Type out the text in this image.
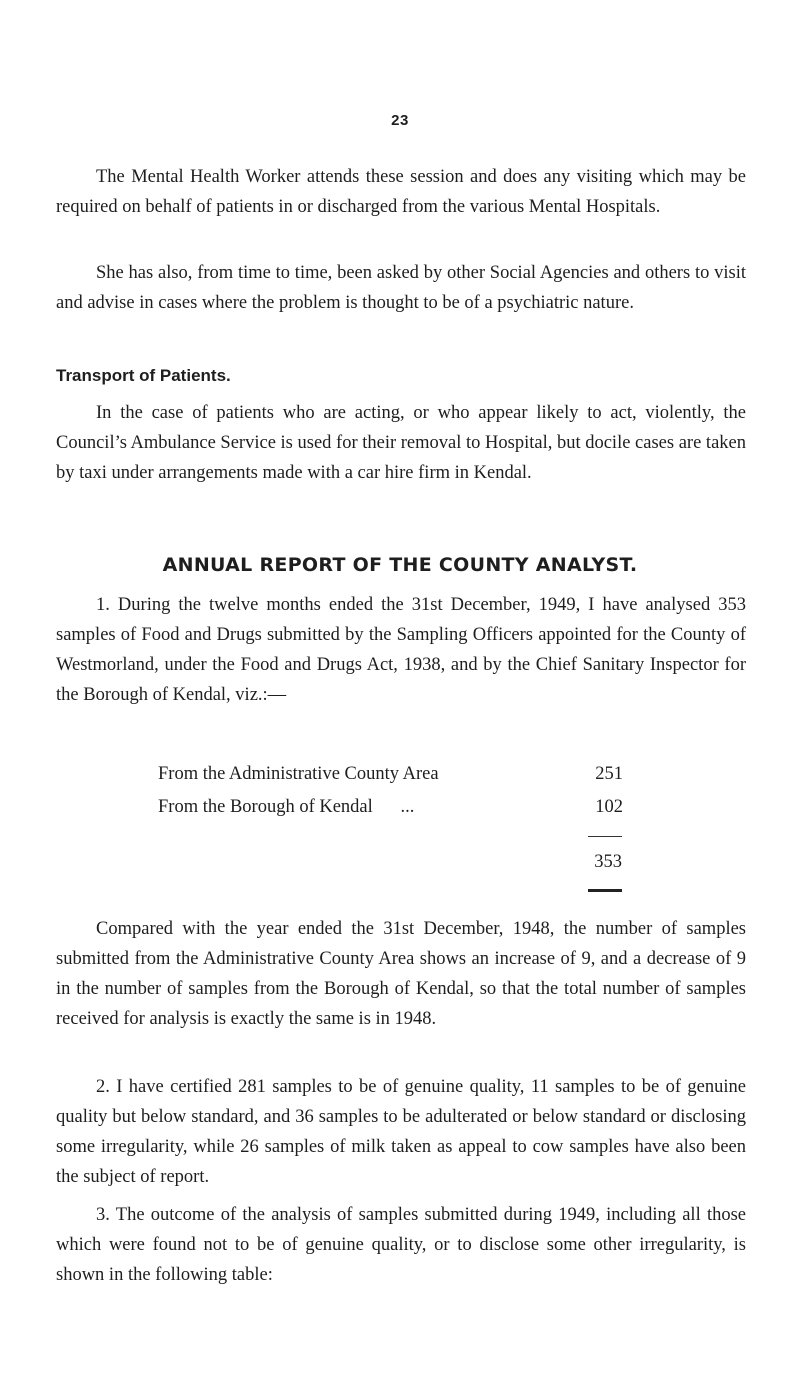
23
The Mental Health Worker attends these session and does any visiting which may be required on behalf of patients in or discharged from the various Mental Hospitals.
She has also, from time to time, been asked by other Social Agencies and others to visit and advise in cases where the problem is thought to be of a psychiatric nature.
Transport of Patients.
In the case of patients who are acting, or who appear likely to act, violently, the Council’s Ambulance Service is used for their removal to Hospital, but docile cases are taken by taxi under arrangements made with a car hire firm in Kendal.
ANNUAL REPORT OF THE COUNTY ANALYST.
1. During the twelve months ended the 31st December, 1949, I have analysed 353 samples of Food and Drugs submitted by the Sampling Officers appointed for the County of Westmorland, under the Food and Drugs Act, 1938, and by the Chief Sanitary Inspector for the Borough of Kendal, viz.:—
From the Administrative County Area	251
From the Borough of Kendal      ...	102
353
Compared with the year ended the 31st December, 1948, the number of samples submitted from the Administrative County Area shows an increase of 9, and a decrease of 9 in the number of samples from the Borough of Kendal, so that the total number of samples received for analysis is exactly the same is in 1948.
2. I have certified 281 samples to be of genuine quality, 11 samples to be of genuine quality but below standard, and 36 samples to be adulterated or below standard or disclosing some irregularity, while 26 samples of milk taken as appeal to cow samples have also been the subject of report.
3. The outcome of the analysis of samples submitted during 1949, including all those which were found not to be of genuine quality, or to disclose some other irregularity, is shown in the following table:
